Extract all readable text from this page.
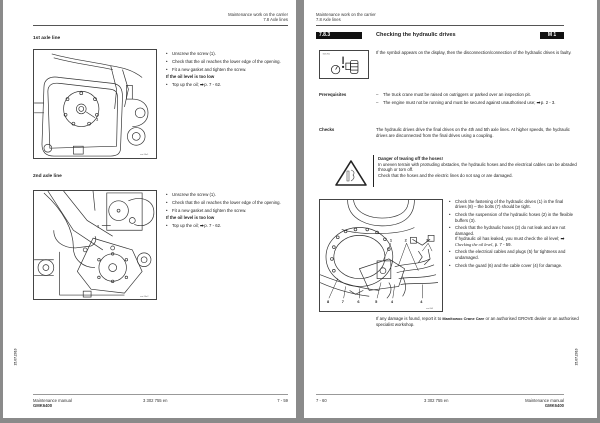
Maintenance work on the carrier
7.8 Axle lines
1st axle line
1
eoc10a1
• Unscrew the screw (1).
• Check that the oil reaches the lower edge of the opening.
• Fit a new gasket and tighten the screw.
If the oil level is too low
• Top up the oil; ➡ p. 7 - 62.
2nd axle line
1
eoc10a2
• Unscrew the screw (1).
• Check that the oil reaches the lower edge of the opening.
• Fit a new gasket and tighten the screw.
If the oil level is too low
• Top up the oil; ➡ p. 7 - 62.
15.07.2010
Maintenance manual
GMK6400
3 302 755 en	7 - 59
Maintenance work on the carrier
7.8 Axle lines
7.8.3	Checking the hydraulic drives	M 1
SD1700	If the symbol appears on the display, then the disconnection/connection of the hydraulic drives is faulty.
Prerequisites	– The truck crane must be raised on outriggers or parked over an inspection pit.
– The engine must not be running and must be secured against unauthorised use; ➡ p. 2 - 3.
Checks	The hydraulic drives drive the final drives on the 4th and 5th axle lines. At higher speeds, the hydraulic drives are disconnected from the final drives using a coupling.
Danger of tearing off the hoses!
In uneven terrain with protruding obstacles, the hydraulic hoses and the electrical cables can be abraded through or torn off.
Check that the hoses and the electric lines do not sag or are damaged.
1	2	3
8	7	6	5	4	4
eoc3k5
• Check the fastening of the hydraulic drives (1) in the final drives (8) – the bolts (7) should be tight.
• Check the suspension of the hydraulic hoses (2) in the flexible buffers (3).
• Check that the hydraulic hoses (2) do not leak and are not damaged.
If hydraulic oil has leaked, you must check the oil level; ➡ Checking the oil level, p. 7 - 59.
• Check the electrical cables and plugs (5) for tightness and undamaged.
• Check the guard (6) and the cable cover (4) for damage.
If any damage is found, report it to Manitowoc Crane Care or an authorised GROVE dealer or an authorised specialist workshop.
15.07.2010
7 - 60	3 302 755 en	Maintenance manual
GMK6400
